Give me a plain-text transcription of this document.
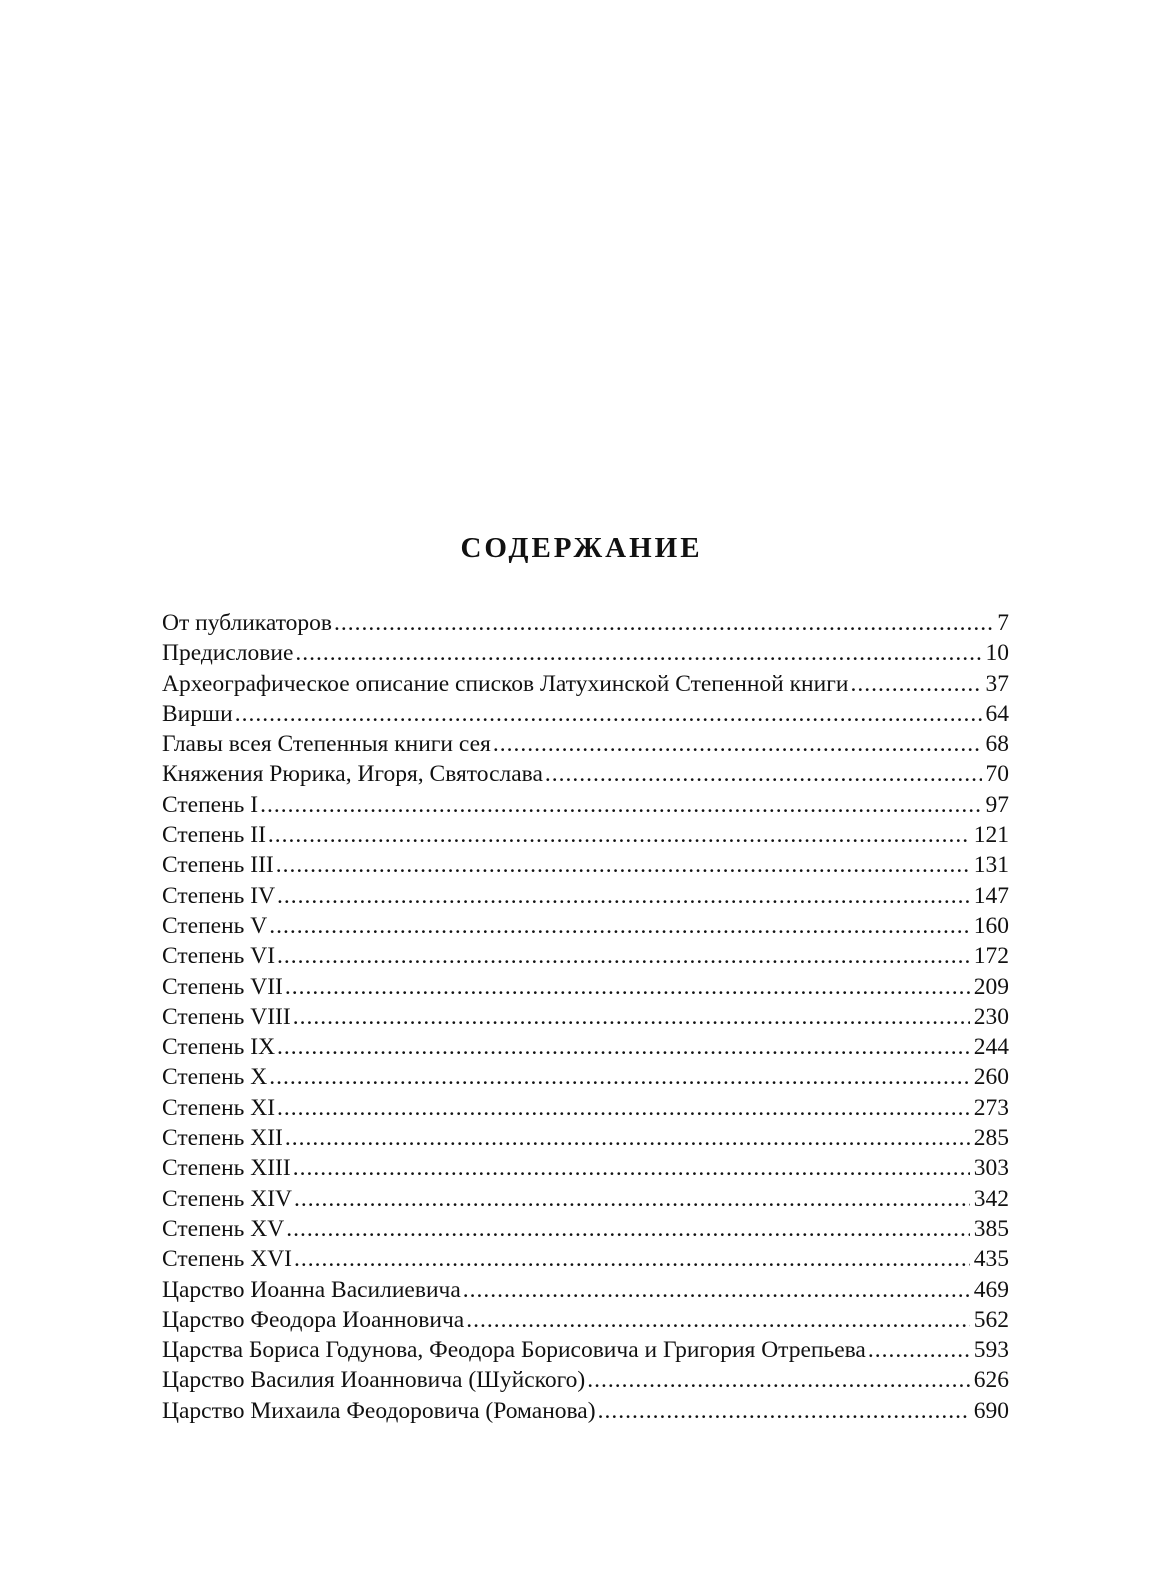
СОДЕРЖАНИЕ
От публикаторов .....	7
Предисловие .....	10
Археографическое описание списков Латухинской Степенной книги .....	37
Вирши .....	64
Главы всея Степенныя книги сея .....	68
Княжения Рюрика, Игоря, Святослава .....	70
Степень I .....	97
Степень II .....	121
Степень III .....	131
Степень IV .....	147
Степень V .....	160
Степень VI .....	172
Степень VII .....	209
Степень VIII .....	230
Степень IX .....	244
Степень X .....	260
Степень XI .....	273
Степень XII .....	285
Степень XIII .....	303
Степень XIV .....	342
Степень XV .....	385
Степень XVI .....	435
Царство Иоанна Василиевича .....	469
Царство Феодора Иоанновича .....	562
Царства Бориса Годунова, Феодора Борисовича и Григория Отрепьева .....	593
Царство Василия Иоанновича (Шуйского) .....	626
Царство Михаила Феодоровича (Романова) .....	690
